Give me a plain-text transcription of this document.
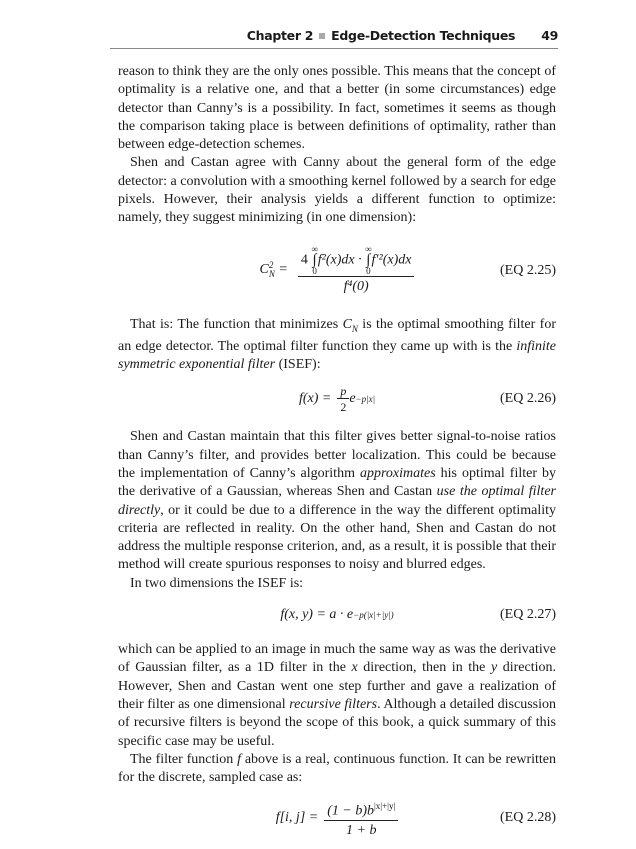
Chapter 2 Edge-Detection Techniques 49

reason to think they are the only ones possible. This means that the concept of optimality is a relative one, and that a better (in some circumstances) edge detector than Canny’s is a possibility. In fact, sometimes it seems as though the comparison taking place is between definitions of optimality, rather than between edge-detection schemes.

Shen and Castan agree with Canny about the general form of the edge detector: a convolution with a smoothing kernel followed by a search for edge pixels. However, their analysis yields a different function to optimize: namely, they suggest minimizing (in one dimension):

C 2
N = 4
∞
∫
0
f²(x)dx ·
∞
∫
0
f′²(x)dx
f⁴(0)	(EQ 2.25)

That is: The function that minimizes $C_N$ is the optimal smoothing filter for an edge detector. The optimal filter function they came up with is the infinite symmetric exponential filter (ISEF):

$f(x) = \frac{p}{2}$ e −p|x|	(EQ 2.26)

Shen and Castan maintain that this filter gives better signal-to-noise ratios than Canny’s filter, and provides better localization. This could be because the implementation of Canny’s algorithm approximates his optimal filter by the derivative of a Gaussian, whereas Shen and Castan use the optimal filter directly, or it could be due to a difference in the way the different optimality criteria are reflected in reality. On the other hand, Shen and Castan do not address the multiple response criterion, and, as a result, it is possible that their method will create spurious responses to noisy and blurred edges.

In two dimensions the ISEF is:

f(x, y) = a · e −p(|x|+|y|)	(EQ 2.27)

which can be applied to an image in much the same way as was the derivative of Gaussian filter, as a 1D filter in the x direction, then in the y direction. However, Shen and Castan went one step further and gave a realization of their filter as one dimensional recursive filters. Although a detailed discussion of recursive filters is beyond the scope of this book, a quick summary of this specific case may be useful.

The filter function f above is a real, continuous function. It can be rewritten for the discrete, sampled case as:

f[i, $j] = \frac{(1 - b)b^{|x|+|y|}}{1 + b}$	(EQ 2.28)
